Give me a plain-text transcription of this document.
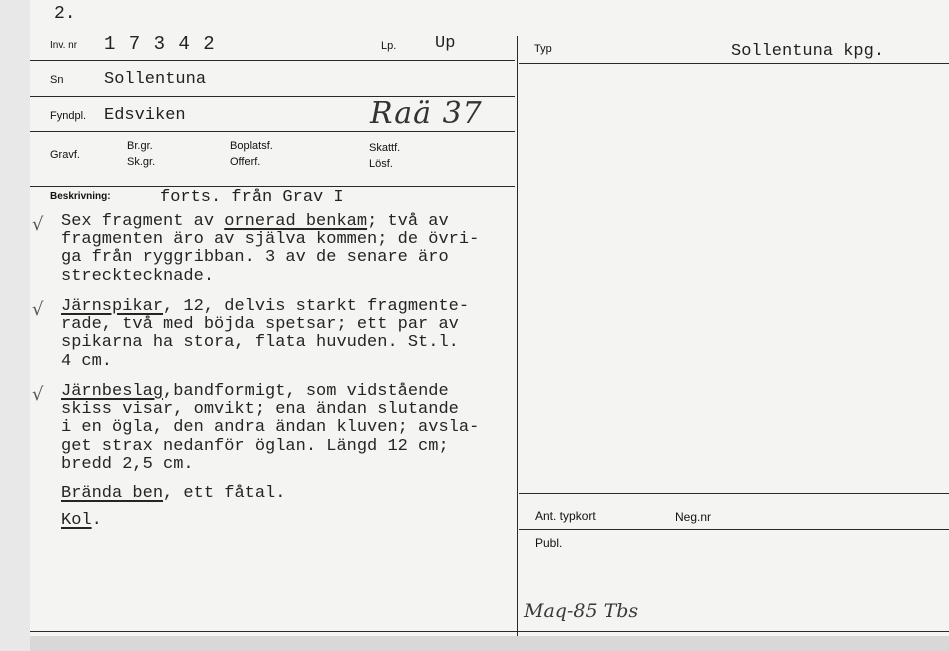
2.
Inv. nr 1 7 3 4 2	Lp. Up	Typ	Sollentuna kpg.
Sn Sollentuna
Fyndpl. Edsviken	Raä 37
Gravf.
Br.gr.
Sk.gr.
Boplatsf.
Offerf.
Skattf.
Lösf.
Beskrivning:	forts. från Grav I
√ Sex fragment av ornerad benkam; två av
fragmenten äro av själva kommen; de övri-
ga från ryggribban. 3 av de senare äro
strecktecknade.
√ Järnspikar, 12, delvis starkt fragmente-
rade, två med böjda spetsar; ett par av
spikarna ha stora, flata huvuden. St.l.
4 cm.
√ Järnbeslag,bandformigt, som vidstående
skiss visar, omvikt; ena ändan slutande
i en ögla, den andra ändan kluven; avsla-
get strax nedanför öglan. Längd 12 cm;
bredd 2,5 cm.
Brända ben, ett fåtal.
Kol.	Ant. typkort	Neg.nr
Publ.
Maq-85 Tbs
